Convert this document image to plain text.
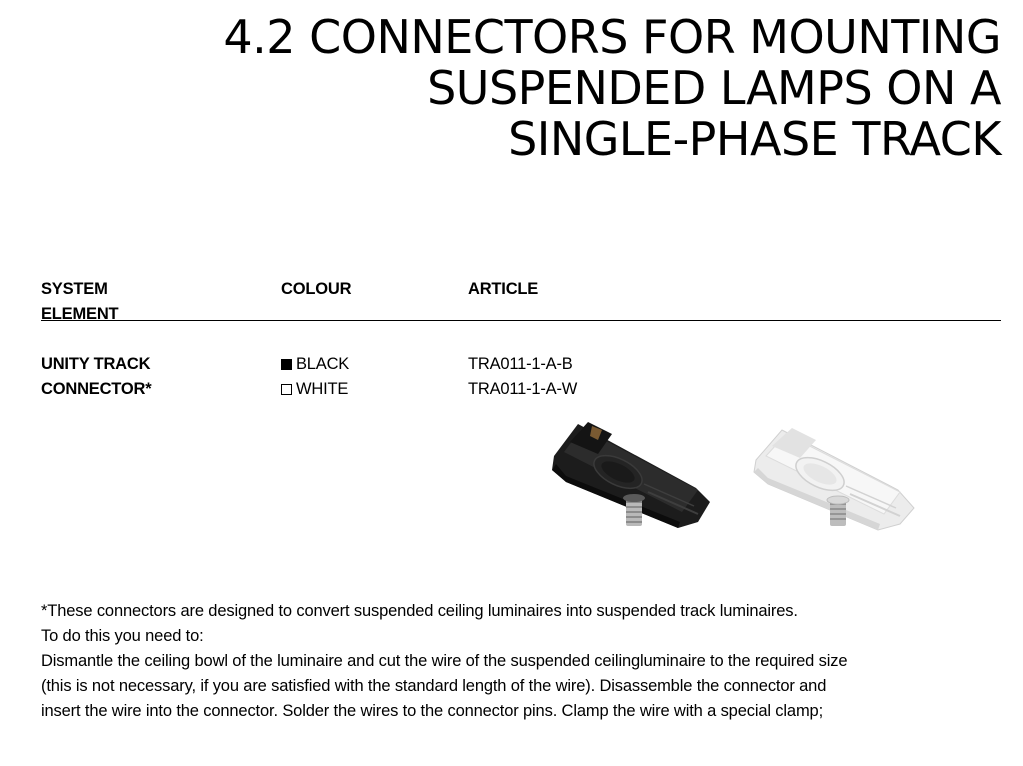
4.2 CONNECTORS FOR MOUNTING
SUSPENDED LAMPS ON A
SINGLE-PHASE TRACK
SYSTEM
ELEMENT
COLOUR	ARTICLE
UNITY TRACK
CONNECTOR*
BLACK
WHITE
TRA011-1-A-B
TRA011-1-A-W
*These connectors are designed to convert suspended ceiling luminaires into suspended track luminaires.
To do this you need to:
Dismantle the ceiling bowl of the luminaire and cut the wire of the suspended ceilingluminaire to the required size
(this is not necessary, if you are satisfied with the standard length of the wire). Disassemble the connector and
insert the wire into the connector. Solder the wires to the connector pins. Clamp the wire with a special clamp;
